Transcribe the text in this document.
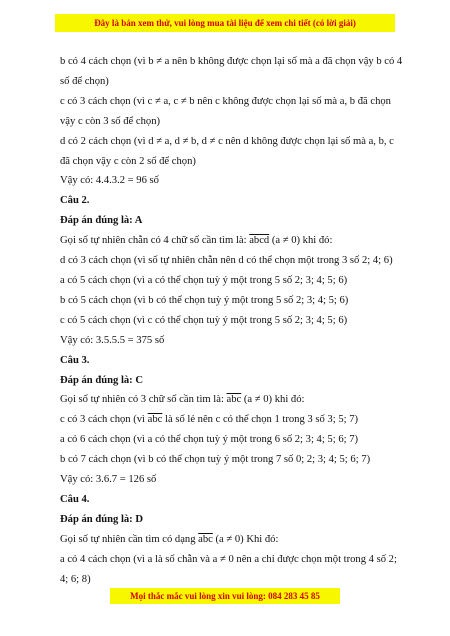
Đây là bản xem thử, vui lòng mua tài liệu để xem chi tiết (có lời giải)
b có 4 cách chọn (vì b ≠ a nên b không được chọn lại số mà a đã chọn vậy b có 4
số để chọn)
c có 3 cách chọn (vì c ≠ a, c ≠ b nên c không được chọn lại số mà a, b đã chọn
vậy c còn 3 số để chọn)
d có 2 cách chọn (vì d ≠ a, d ≠ b, d ≠ c nên d không được chọn lại số mà a, b, c
đã chọn vậy c còn 2 số để chọn)
Vậy có: 4.4.3.2 = 96 số
Câu 2.
Đáp án đúng là: A
Gọi số tự nhiên chẵn có 4 chữ số cần tìm là: abcd (a ≠ 0) khi đó:
d có 3 cách chọn (vì số tự nhiên chẵn nên d có thể chọn một trong 3 số 2; 4; 6)
a có 5 cách chọn (vì a có thể chọn tuỳ ý một trong 5 số 2; 3; 4; 5; 6)
b có 5 cách chọn (vì b có thể chọn tuỳ ý một trong 5 số 2; 3; 4; 5; 6)
c có 5 cách chọn (vì c có thể chọn tuỳ ý một trong 5 số 2; 3; 4; 5; 6)
Vậy có: 3.5.5.5 = 375 số
Câu 3.
Đáp án đúng là: C
Gọi số tự nhiên có 3 chữ số cần tìm là: $\overline{abc}$ (a ≠ 0) khi đó:
c có 3 cách chọn (vì $\overline{abc}$ là số lẻ nên c có thể chọn 1 trong 3 số 3; 5; 7)
a có 6 cách chọn (vì a có thể chọn tuỳ ý một trong 6 số 2; 3; 4; 5; 6; 7)
b có 7 cách chọn (vì b có thể chọn tuỳ ý một trong 7 số 0; 2; 3; 4; 5; 6; 7)
Vậy có: 3.6.7 = 126 số
Câu 4.
Đáp án đúng là: D
Gọi số tự nhiên cần tìm có dạng $\overline{abc}$ (a ≠ 0) Khi đó:
a có 4 cách chọn (vì a là số chẵn và a ≠ 0 nên a chỉ được chọn một trong 4 số 2;
4; 6; 8)
Mọi thắc mắc vui lòng xin vui lòng: 084 283 45 85
